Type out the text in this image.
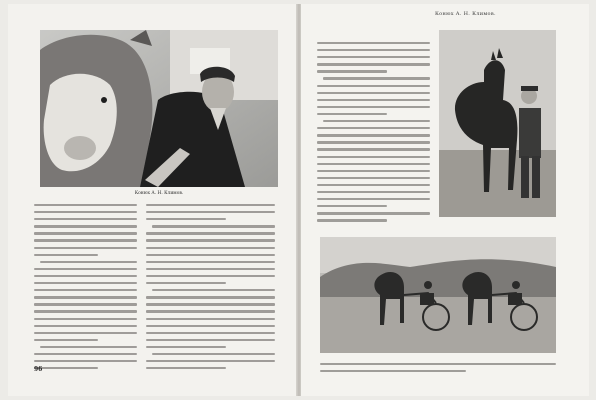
Конюх А. Н. Климов.
96
Конюх А. Н. Климов.
